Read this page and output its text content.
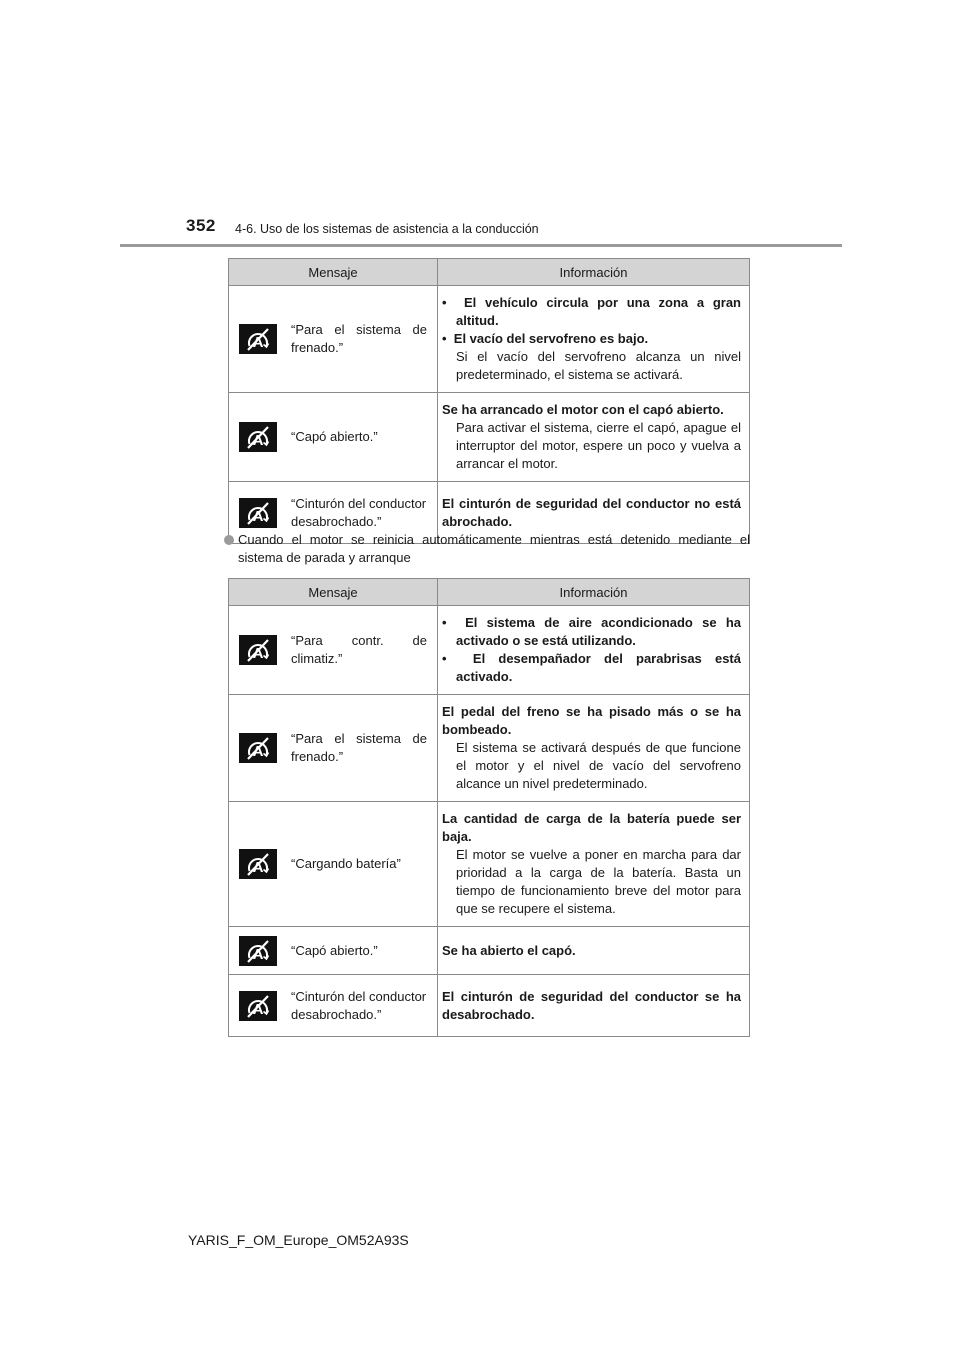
352 4-6. Uso de los sistemas de asistencia a la conducción
Mensaje		Información

A	“Para el sistema de frenado.”	•  El vehículo circula por una zona a gran altitud.
•  El vacío del servofreno es bajo.
Si el vacío del servofreno alcanza un nivel predeterminado, el sistema se activará.

A	“Capó abierto.”	Se ha arrancado el motor con el capó abierto.
Para activar el sistema, cierre el capó, apague el interruptor del motor, espere un poco y vuelva a arrancar el motor.

A	“Cinturón del conductor desabrochado.”	El cinturón de seguridad del conductor no está abrochado.
Cuando el motor se reinicia automáticamente mientras está detenido mediante el sistema de parada y arranque
Mensaje		Información

A	“Para contr. de climatiz.”	•  El sistema de aire acondicionado se ha activado o se está utilizando.
•  El desempañador del parabrisas está activado.

A	“Para el sistema de frenado.”	El pedal del freno se ha pisado más o se ha bombeado.
El sistema se activará después de que funcione el motor y el nivel de vacío del servofreno alcance un nivel predeterminado.

A	“Cargando batería”	La cantidad de carga de la batería puede ser baja.
El motor se vuelve a poner en marcha para dar prioridad a la carga de la batería. Basta un tiempo de funcionamiento breve del motor para que se recupere el sistema.

A	“Capó abierto.”	Se ha abierto el capó.

A	“Cinturón del conductor desabrochado.”	El cinturón de seguridad del conductor se ha desabrochado.
YARIS_F_OM_Europe_OM52A93S
